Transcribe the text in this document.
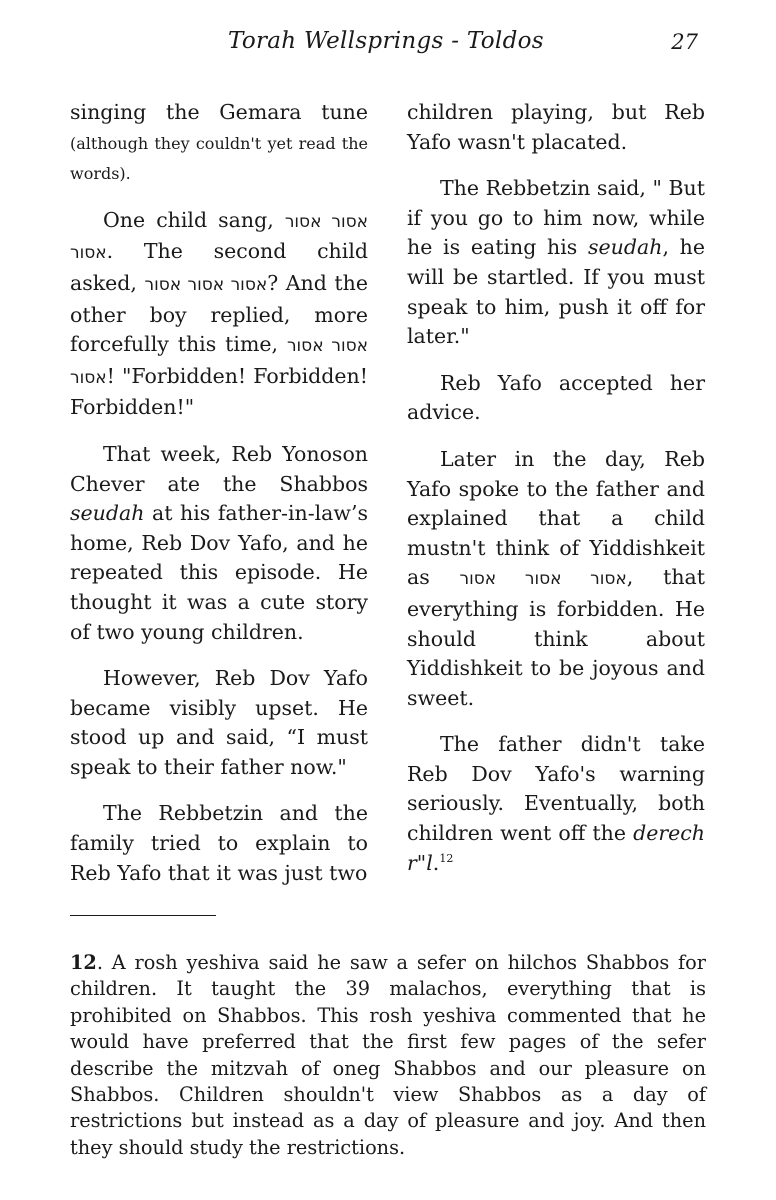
Torah Wellsprings - Toldos	27

singing the Gemara tune (although they couldn't yet read the words).

One child sang, אסור אסור אסור. The second child asked, אסור אסור אסור? And the other boy replied, more forcefully this time, אסור אסור אסור! "Forbidden! Forbidden! Forbidden!"

That week, Reb Yonoson Chever ate the Shabbos seudah at his father-in-law’s home, Reb Dov Yafo, and he repeated this episode. He thought it was a cute story of two young children.

However, Reb Dov Yafo became visibly upset. He stood up and said, “I must speak to their father now."

The Rebbetzin and the family tried to explain to Reb Yafo that it was just two

children playing, but Reb Yafo wasn't placated.

The Rebbetzin said, " But if you go to him now, while he is eating his seudah, he will be startled. If you must speak to him, push it off for later."

Reb Yafo accepted her advice.

Later in the day, Reb Yafo spoke to the father and explained that a child mustn't think of Yiddishkeit as אסור אסור אסור, that everything is forbidden. He should think about Yiddishkeit to be joyous and sweet.

The father didn't take Reb Dov Yafo's warning seriously. Eventually, both children went off the derech r"l.$^{12}$

12. A rosh yeshiva said he saw a sefer on hilchos Shabbos for children. It taught the 39 malachos, everything that is prohibited on Shabbos. This rosh yeshiva commented that he would have preferred that the first few pages of the sefer describe the mitzvah of oneg Shabbos and our pleasure on Shabbos. Children shouldn't view Shabbos as a day of restrictions but instead as a day of pleasure and joy. And then they should study the restrictions.
